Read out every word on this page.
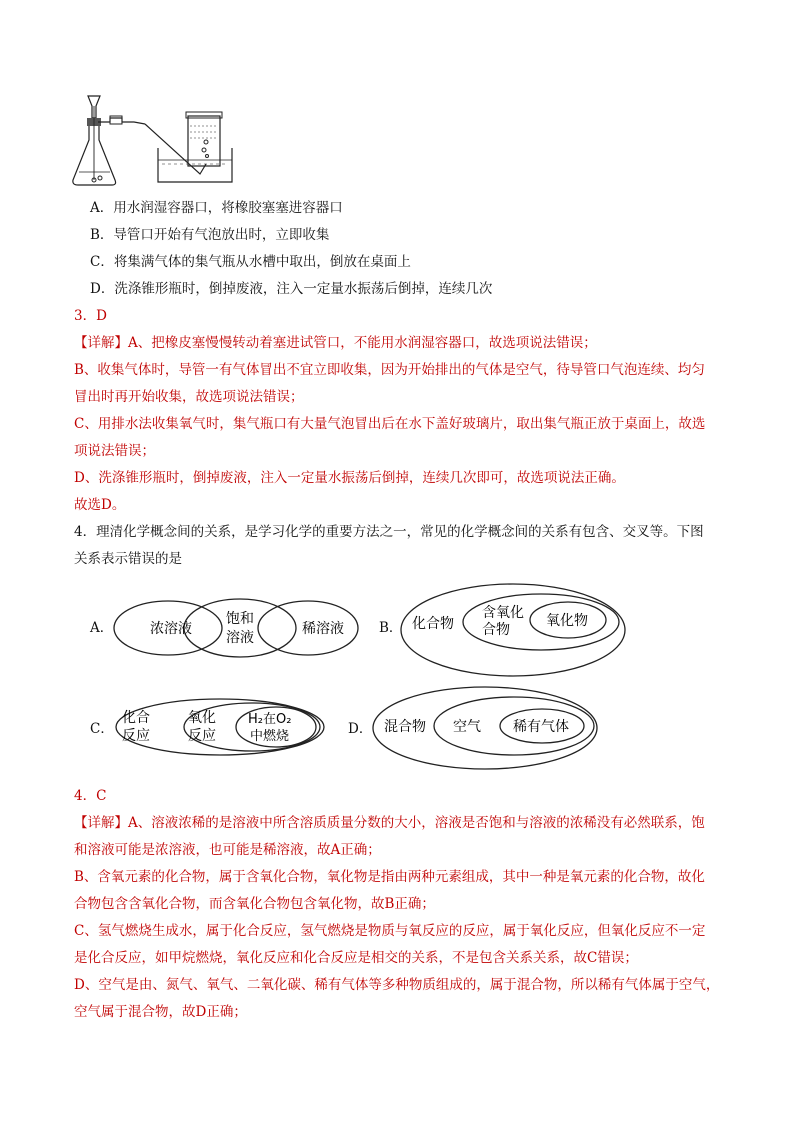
A．用水润湿容器口，将橡胶塞塞进容器口
B．导管口开始有气泡放出时，立即收集
C．将集满气体的集气瓶从水槽中取出，倒放在桌面上
D．洗涤锥形瓶时，倒掉废液，注入一定量水振荡后倒掉，连续几次
3．D
【详解】A、把橡皮塞慢慢转动着塞进试管口，不能用水润湿容器口，故选项说法错误；
B、收集气体时，导管一有气体冒出不宜立即收集，因为开始排出的气体是空气，待导管口气泡连续、均匀
冒出时再开始收集，故选项说法错误；
C、用排水法收集氧气时，集气瓶口有大量气泡冒出后在水下盖好玻璃片，取出集气瓶正放于桌面上，故选
项说法错误；
D、洗涤锥形瓶时，倒掉废液，注入一定量水振荡后倒掉，连续几次即可，故选项说法正确。
故选D。
4．理清化学概念间的关系，是学习化学的重要方法之一，常见的化学概念间的关系有包含、交叉等。下图
关系表示错误的是
A．	浓溶液
饱和
溶液
稀溶液	B． 化合物
含氧化
合物
氧化物
C．
化合
反应
氧化
反应
H₂在O₂
中燃烧	D． 混合物 空气 稀有气体
4．C
【详解】A、溶液浓稀的是溶液中所含溶质质量分数的大小，溶液是否饱和与溶液的浓稀没有必然联系，饱
和溶液可能是浓溶液，也可能是稀溶液，故A正确；
B、含氧元素的化合物，属于含氧化合物，氧化物是指由两种元素组成，其中一种是氧元素的化合物，故化
合物包含含氧化合物，而含氧化合物包含氧化物，故B正确；
C、氢气燃烧生成水，属于化合反应，氢气燃烧是物质与氧反应的反应，属于氧化反应，但氧化反应不一定
是化合反应，如甲烷燃烧，氧化反应和化合反应是相交的关系，不是包含关系关系，故C错误；
D、空气是由、氮气、氧气、二氧化碳、稀有气体等多种物质组成的，属于混合物，所以稀有气体属于空气，
空气属于混合物，故D正确；
